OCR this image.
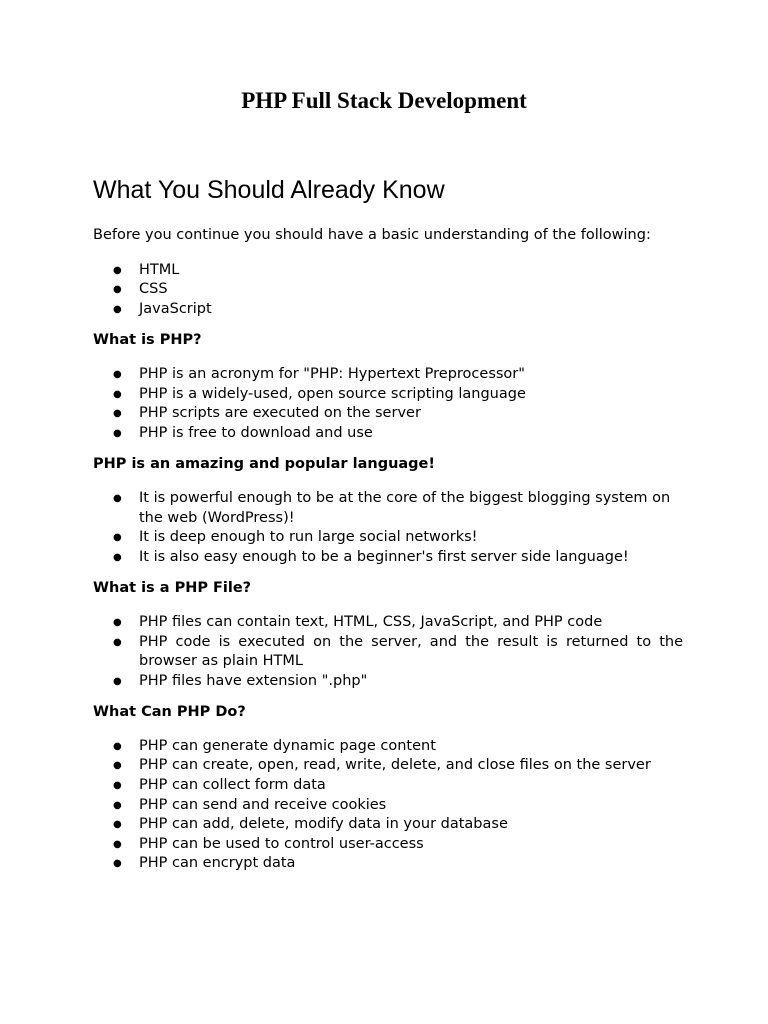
PHP Full Stack Development
What You Should Already Know

Before you continue you should have a basic understanding of the following:

● HTML
● CSS
● JavaScript
What is PHP?
● PHP is an acronym for "PHP: Hypertext Preprocessor"
● PHP is a widely-used, open source scripting language
● PHP scripts are executed on the server
● PHP is free to download and use
PHP is an amazing and popular language!
● It is powerful enough to be at the core of the biggest blogging system on the web (WordPress)!
● It is deep enough to run large social networks!
● It is also easy enough to be a beginner's first server side language!
What is a PHP File?
● PHP files can contain text, HTML, CSS, JavaScript, and PHP code
● PHP code is executed on the server, and the result is returned to the browser as plain HTML
● PHP files have extension ".php"
What Can PHP Do?
● PHP can generate dynamic page content
● PHP can create, open, read, write, delete, and close files on the server
● PHP can collect form data
● PHP can send and receive cookies
● PHP can add, delete, modify data in your database
● PHP can be used to control user-access
● PHP can encrypt data
